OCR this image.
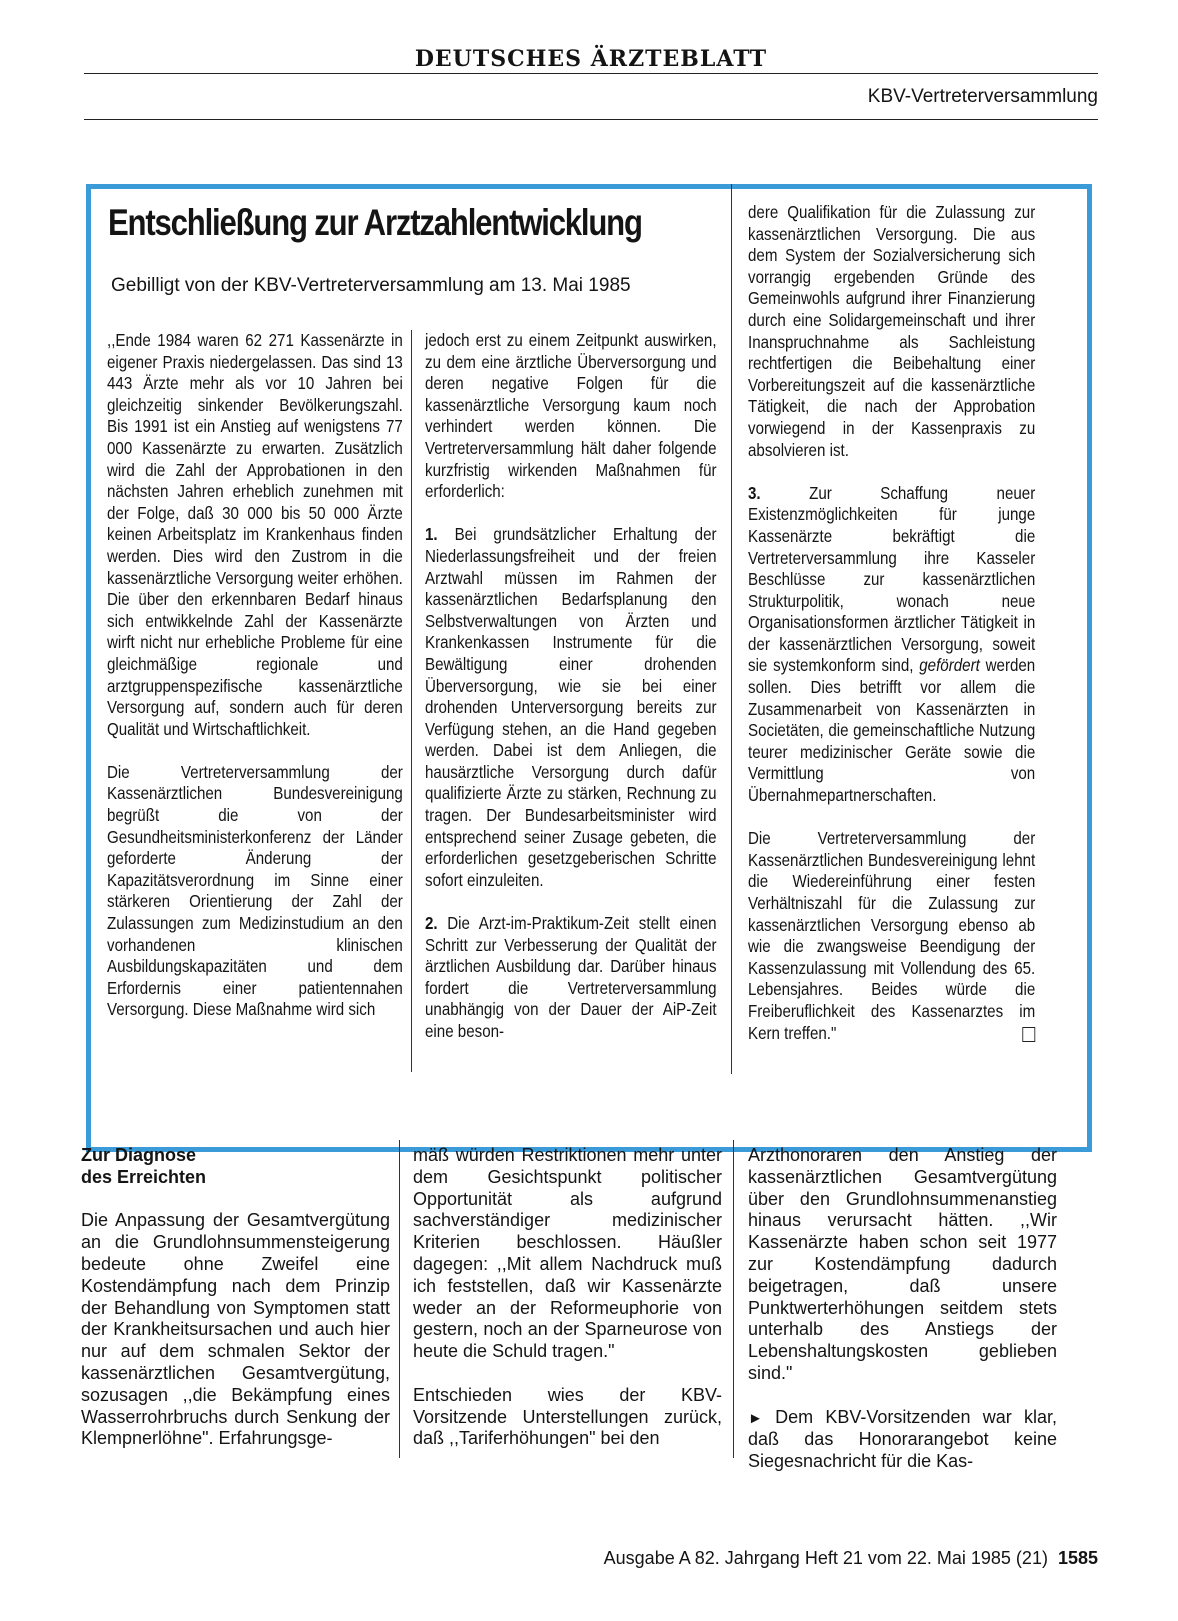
DEUTSCHES ÄRZTEBLATT
KBV-Vertreterversammlung
Entschließung zur Arztzahlentwicklung

Gebilligt von der KBV-Vertreterversammlung am 13. Mai 1985

,,Ende 1984 waren 62 271 Kassenärzte in eigener Praxis niedergelassen. Das sind 13 443 Ärzte mehr als vor 10 Jahren bei gleichzeitig sinkender Bevölkerungszahl. Bis 1991 ist ein Anstieg auf wenigstens 77 000 Kassenärzte zu erwarten. Zusätzlich wird die Zahl der Approbationen in den nächsten Jahren erheblich zunehmen mit der Folge, daß 30 000 bis 50 000 Ärzte keinen Arbeitsplatz im Krankenhaus finden werden. Dies wird den Zustrom in die kassenärztliche Versorgung weiter erhöhen. Die über den erkennbaren Bedarf hinaus sich entwikkelnde Zahl der Kassenärzte wirft nicht nur erhebliche Probleme für eine gleichmäßige regionale und arztgruppenspezifische kassenärztliche Versorgung auf, sondern auch für deren Qualität und Wirtschaftlichkeit.

Die Vertreterversammlung der Kassenärztlichen Bundesvereinigung begrüßt die von der Gesundheitsministerkonferenz der Länder geforderte Änderung der Kapazitätsverordnung im Sinne einer stärkeren Orientierung der Zahl der Zulassungen zum Medizinstudium an den vorhandenen klinischen Ausbildungskapazitäten und dem Erfordernis einer patientennahen Versorgung. Diese Maßnahme wird sich

jedoch erst zu einem Zeitpunkt auswirken, zu dem eine ärztliche Überversorgung und deren negative Folgen für die kassenärztliche Versorgung kaum noch verhindert werden können. Die Vertreterversammlung hält daher folgende kurzfristig wirkenden Maßnahmen für erforderlich:

1. Bei grundsätzlicher Erhaltung der Niederlassungsfreiheit und der freien Arztwahl müssen im Rahmen der kassenärztlichen Bedarfsplanung den Selbstverwaltungen von Ärzten und Krankenkassen Instrumente für die Bewältigung einer drohenden Überversorgung, wie sie bei einer drohenden Unterversorgung bereits zur Verfügung stehen, an die Hand gegeben werden. Dabei ist dem Anliegen, die hausärztliche Versorgung durch dafür qualifizierte Ärzte zu stärken, Rechnung zu tragen. Der Bundesarbeitsminister wird entsprechend seiner Zusage gebeten, die erforderlichen gesetzgeberischen Schritte sofort einzuleiten.

2. Die Arzt-im-Praktikum-Zeit stellt einen Schritt zur Verbesserung der Qualität der ärztlichen Ausbildung dar. Darüber hinaus fordert die Vertreterversammlung unabhängig von der Dauer der AiP-Zeit eine beson-

dere Qualifikation für die Zulassung zur kassenärztlichen Versorgung. Die aus dem System der Sozialversicherung sich vorrangig ergebenden Gründe des Gemeinwohls aufgrund ihrer Finanzierung durch eine Solidargemeinschaft und ihrer Inanspruchnahme als Sachleistung rechtfertigen die Beibehaltung einer Vorbereitungszeit auf die kassenärztliche Tätigkeit, die nach der Approbation vorwiegend in der Kassenpraxis zu absolvieren ist.

3.	Zur Schaffung neuer Existenzmöglichkeiten für junge Kassenärzte bekräftigt die Vertreterversammlung ihre Kasseler Beschlüsse zur kassenärztlichen Strukturpolitik, wonach neue Organisationsformen ärztlicher Tätigkeit in der kassenärztlichen Versorgung, soweit sie systemkonform sind, gefördert werden sollen. Dies betrifft vor allem die Zusammenarbeit von Kassenärzten in Societäten, die gemeinschaftliche Nutzung teurer medizinischer Geräte sowie die Vermittlung von Übernahmepartnerschaften.

Die Vertreterversammlung der Kassenärztlichen Bundesvereinigung lehnt die Wiedereinführung einer festen Verhältniszahl für die Zulassung zur kassenärztlichen Versorgung ebenso ab wie die zwangsweise Beendigung der Kassenzulassung mit Vollendung des 65. Lebensjahres. Beides würde die Freiberuflichkeit des Kassenarztes im Kern treffen."

Zur Diagnose des Erreichten

Die Anpassung der Gesamtvergütung an die Grundlohnsummensteigerung bedeute ohne Zweifel eine Kostendämpfung nach dem Prinzip der Behandlung von Symptomen statt der Krankheitsursachen und auch hier nur auf dem schmalen Sektor der kassenärztlichen Gesamtvergütung, sozusagen ,,die Bekämpfung eines Wasserrohrbruchs durch Senkung der Klempnerlöhne". Erfahrungsge-

mäß würden Restriktionen mehr unter dem Gesichtspunkt politischer Opportunität als aufgrund sachverständiger medizinischer Kriterien beschlossen. Häußler dagegen: ,,Mit allem Nachdruck muß ich feststellen, daß wir Kassenärzte weder an der Reformeuphorie von gestern, noch an der Sparneurose von heute die Schuld tragen."

Entschieden wies der KBV-Vorsitzende Unterstellungen zurück, daß ,,Tariferhöhungen" bei den

Arzthonoraren den Anstieg der kassenärztlichen Gesamtvergütung über den Grundlohnsummenanstieg hinaus verursacht hätten. ,,Wir Kassenärzte haben schon seit 1977 zur Kostendämpfung dadurch beigetragen, daß unsere Punktwerterhöhungen seitdem stets unterhalb des Anstiegs der Lebenshaltungskosten geblieben sind."

► Dem KBV-Vorsitzenden war klar, daß das Honorarangebot keine Siegesnachricht für die Kas-

Ausgabe A 82. Jahrgang Heft 21 vom 22. Mai 1985 (21) 1585
